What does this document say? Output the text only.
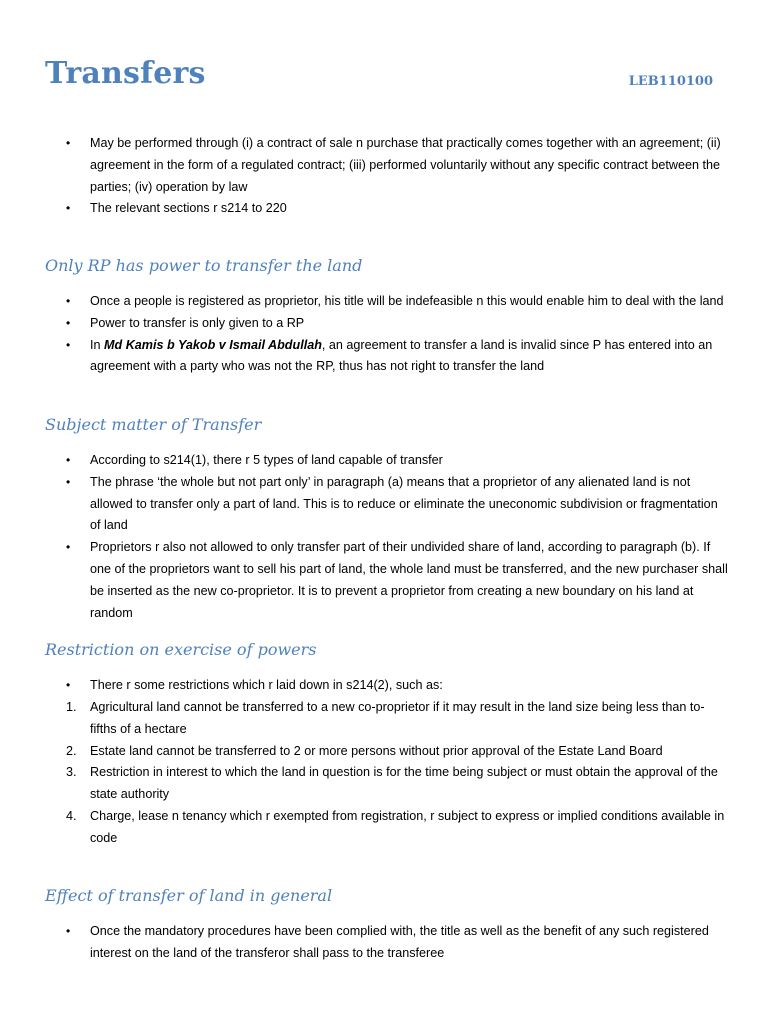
Transfers	LEB110100
• May be performed through (i) a contract of sale n purchase that practically comes together with an agreement; (ii) agreement in the form of a regulated contract; (iii) performed voluntarily without any specific contract between the parties; (iv) operation by law
• The relevant sections r s214 to 220
Only RP has power to transfer the land
• Once a people is registered as proprietor, his title will be indefeasible n this would enable him to deal with the land
• Power to transfer is only given to a RP
• In Md Kamis b Yakob v Ismail Abdullah, an agreement to transfer a land is invalid since P has entered into an agreement with a party who was not the RP, thus has not right to transfer the land
Subject matter of Transfer
• According to s214(1), there r 5 types of land capable of transfer
• The phrase ‘the whole but not part only’ in paragraph (a) means that a proprietor of any alienated land is not allowed to transfer only a part of land. This is to reduce or eliminate the uneconomic subdivision or fragmentation of land
• Proprietors r also not allowed to only transfer part of their undivided share of land, according to paragraph (b). If one of the proprietors want to sell his part of land, the whole land must be transferred, and the new purchaser shall be inserted as the new co-proprietor. It is to prevent a proprietor from creating a new boundary on his land at random
Restriction on exercise of powers
• There r some restrictions which r laid down in s214(2), such as:
1. Agricultural land cannot be transferred to a new co-proprietor if it may result in the land size being less than to-fifths of a hectare
2. Estate land cannot be transferred to 2 or more persons without prior approval of the Estate Land Board
3. Restriction in interest to which the land in question is for the time being subject or must obtain the approval of the state authority
4. Charge, lease n tenancy which r exempted from registration, r subject to express or implied conditions available in code
Effect of transfer of land in general
• Once the mandatory procedures have been complied with, the title as well as the benefit of any such registered interest on the land of the transferor shall pass to the transferee
